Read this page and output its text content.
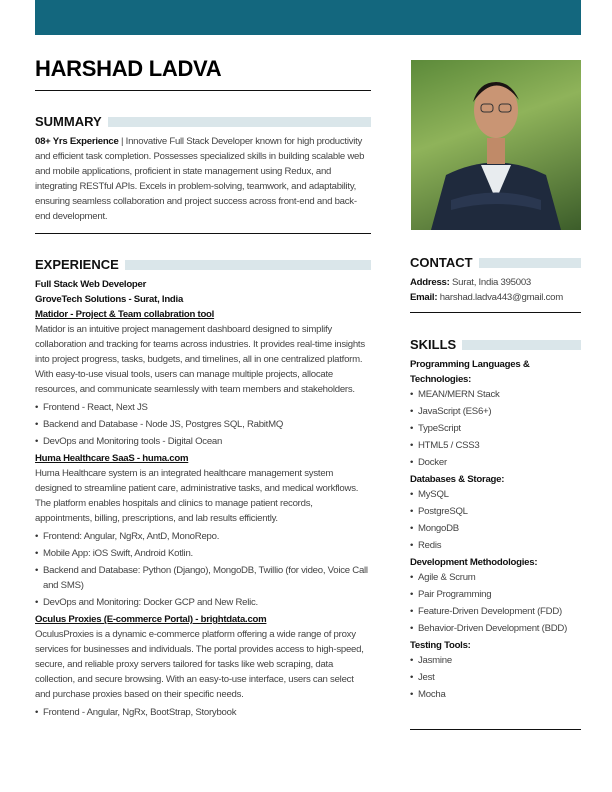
HARSHAD LADVA
SUMMARY

08+ Yrs Experience | Innovative Full Stack Developer known for high productivity and efficient task completion. Possesses specialized skills in building scalable web and mobile applications, proficient in state management using Redux, and integrating RESTful APIs. Excels in problem-solving, teamwork, and adaptability, ensuring seamless collaboration and project success across front-end and back-end development.

EXPERIENCE
Full Stack Web Developer
GroveTech Solutions - Surat, India
Matidor - Project & Team collabration tool

Matidor is an intuitive project management dashboard designed to simplify collaboration and tracking for teams across industries. It provides real-time insights into project progress, tasks, budgets, and timelines, all in one centralized platform. With easy-to-use visual tools, users can manage multiple projects, allocate resources, and communicate seamlessly with team members and stakeholders.

• Frontend - React, Next JS
• Backend and Database - Node JS, Postgres SQL, RabitMQ
• DevOps and Monitoring tools - Digital Ocean
Huma Healthcare SaaS - huma.com

Huma Healthcare system is an integrated healthcare management system designed to streamline patient care, administrative tasks, and medical workflows. The platform enables hospitals and clinics to manage patient records, appointments, billing, prescriptions, and lab results efficiently.

• Frontend: Angular, NgRx, AntD, MonoRepo.
• Mobile App: iOS Swift, Android Kotlin.
• Backend and Database: Python (Django), MongoDB, Twillio (for video, Voice Call and SMS)
• DevOps and Monitoring: Docker GCP and New Relic.
Oculus Proxies (E-commerce Portal) - brightdata.com

OculusProxies is a dynamic e-commerce platform offering a wide range of proxy services for businesses and individuals. The portal provides access to high-speed, secure, and reliable proxy servers tailored for tasks like web scraping, data collection, and secure browsing. With an easy-to-use interface, users can select and purchase proxies based on their specific needs.

• Frontend - Angular, NgRx, BootStrap, Storybook
CONTACT
Address: Surat, India 395003
Email: harshad.ladva443@gmail.com
SKILLS
Programming Languages & Technologies:
• MEAN/MERN Stack
• JavaScript (ES6+)
• TypeScript
• HTML5 / CSS3
• Docker
Databases & Storage:
• MySQL
• PostgreSQL
• MongoDB
• Redis
Development Methodologies:
• Agile & Scrum
• Pair Programming
• Feature-Driven Development (FDD)
• Behavior-Driven Development (BDD)
Testing Tools:
• Jasmine
• Jest
• Mocha
